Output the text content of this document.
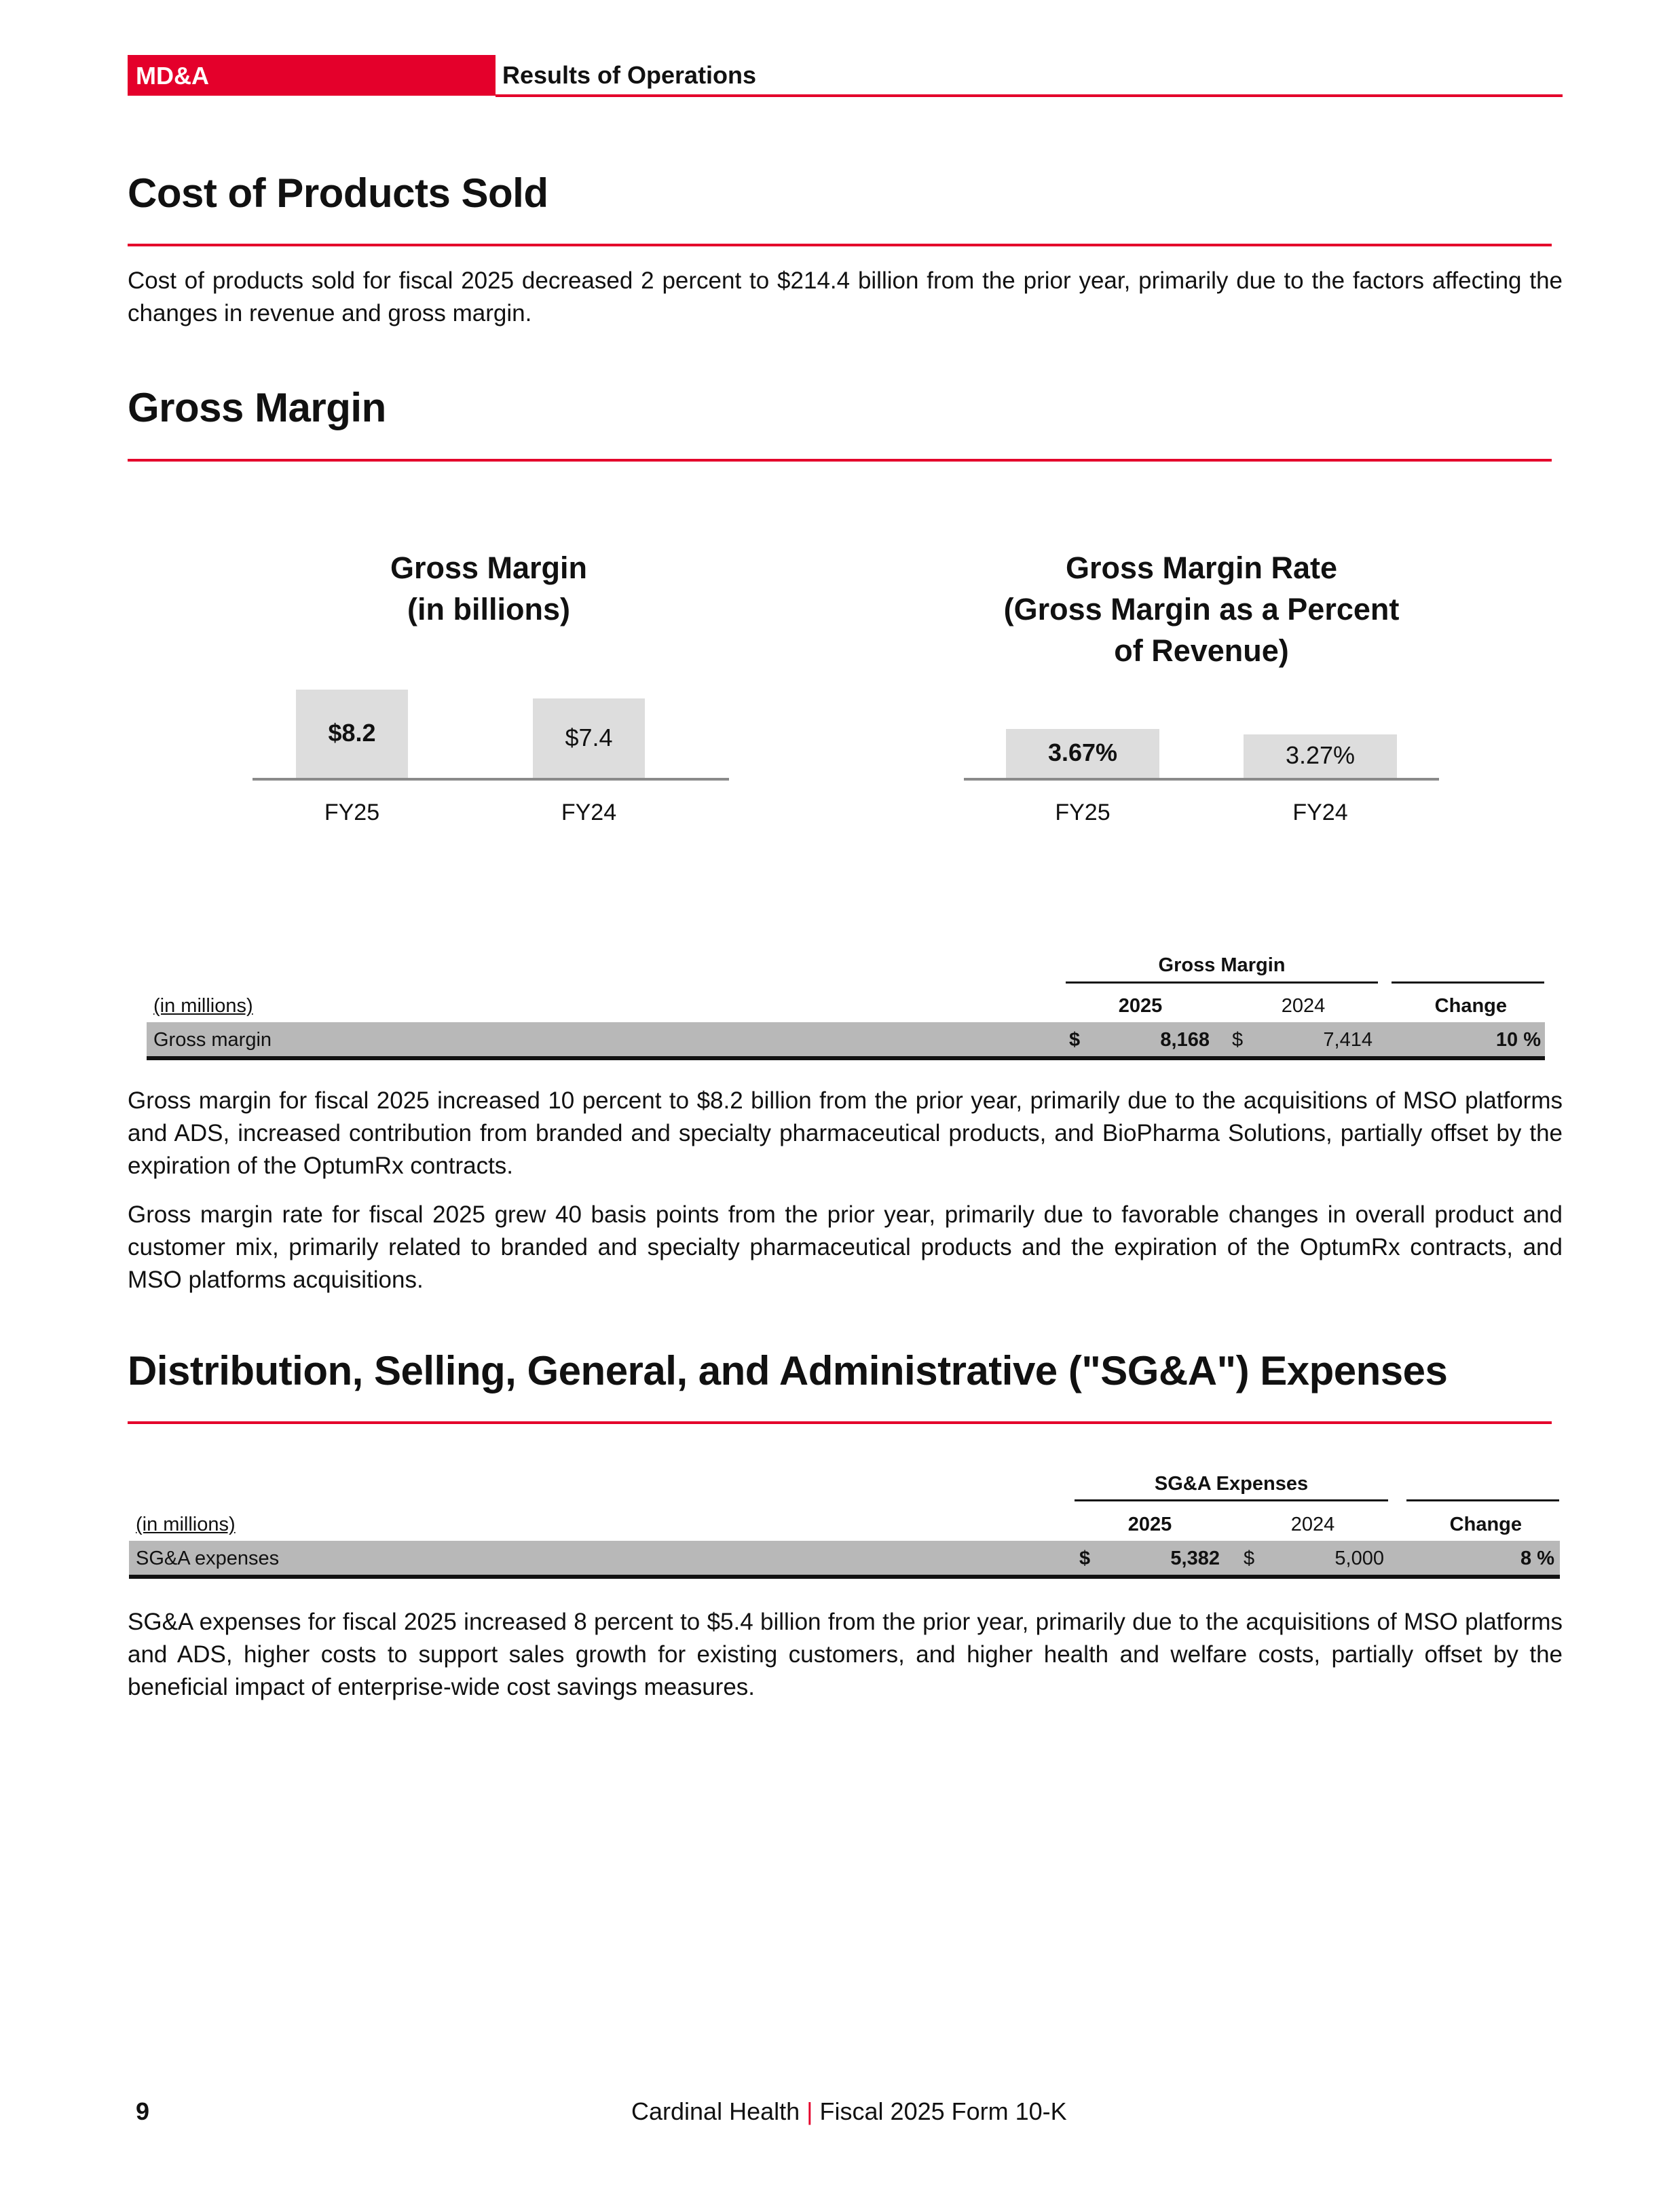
MD&A	Results of Operations
Cost of Products Sold

Cost of products sold for fiscal 2025 decreased 2 percent to $214.4 billion from the prior year, primarily due to the factors affecting the changes in revenue and gross margin.

Gross Margin
Gross Margin
(in billions)
$8.2	$7.4
FY25	FY24
Gross Margin Rate
(Gross Margin as a Percent
of Revenue)
3.67%	3.27%
FY25	FY24
Gross Margin
(in millions)	2025	2024	Change
Gross margin	$	8,168 $	7,414	10 %

Gross margin for fiscal 2025 increased 10 percent to $8.2 billion from the prior year, primarily due to the acquisitions of MSO platforms and ADS, increased contribution from branded and specialty pharmaceutical products, and BioPharma Solutions, partially offset by the expiration of the OptumRx contracts.

Gross margin rate for fiscal 2025 grew 40 basis points from the prior year, primarily due to favorable changes in overall product and customer mix, primarily related to branded and specialty pharmaceutical products and the expiration of the OptumRx contracts, and MSO platforms acquisitions.

Distribution, Selling, General, and Administrative ("SG&A") Expenses
SG&A Expenses
(in millions)	2025	2024	Change
SG&A expenses	$	5,382 $	5,000	8 %

SG&A expenses for fiscal 2025 increased 8 percent to $5.4 billion from the prior year, primarily due to the acquisitions of MSO platforms and ADS, higher costs to support sales growth for existing customers, and higher health and welfare costs, partially offset by the beneficial impact of enterprise-wide cost savings measures.

9	Cardinal Health | Fiscal 2025 Form 10-K
